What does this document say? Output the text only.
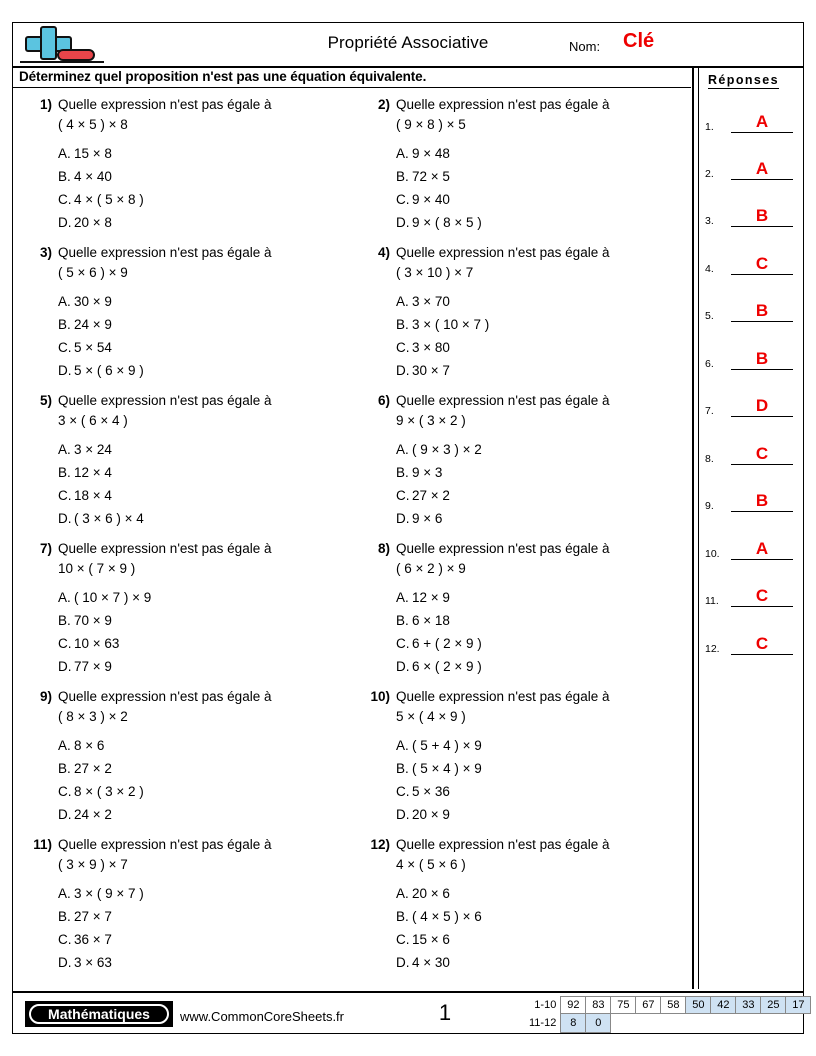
Propriété Associative	Nom: Clé
Déterminez quel proposition n'est pas une équation équivalente.	Réponses
1.	A
2.	A
3.	B
4.	C
5.	B
6.	B
7.	D
8.	C
9.	B
10.	A
11.	C
12.	C
1) Quelle expression n'est pas égale à
( 4 × 5 ) × 8
A. 15 × 8
B. 4 × 40
C. 4 × ( 5 × 8 )
D. 20 × 8
3) Quelle expression n'est pas égale à
( 5 × 6 ) × 9
A. 30 × 9
B. 24 × 9
C. 5 × 54
D. 5 × ( 6 × 9 )
5) Quelle expression n'est pas égale à
3 × ( 6 × 4 )
A. 3 × 24
B. 12 × 4
C. 18 × 4
D. ( 3 × 6 ) × 4
7) Quelle expression n'est pas égale à
10 × ( 7 × 9 )
A. ( 10 × 7 ) × 9
B. 70 × 9
C. 10 × 63
D. 77 × 9
9) Quelle expression n'est pas égale à
( 8 × 3 ) × 2
A. 8 × 6
B. 27 × 2
C. 8 × ( 3 × 2 )
D. 24 × 2
11) Quelle expression n'est pas égale à
( 3 × 9 ) × 7
A. 3 × ( 9 × 7 )
B. 27 × 7
C. 36 × 7
D. 3 × 63
2) Quelle expression n'est pas égale à
( 9 × 8 ) × 5
A. 9 × 48
B. 72 × 5
C. 9 × 40
D. 9 × ( 8 × 5 )
4) Quelle expression n'est pas égale à
( 3 × 10 ) × 7
A. 3 × 70
B. 3 × ( 10 × 7 )
C. 3 × 80
D. 30 × 7
6) Quelle expression n'est pas égale à
9 × ( 3 × 2 )
A. ( 9 × 3 ) × 2
B. 9 × 3
C. 27 × 2
D. 9 × 6
8) Quelle expression n'est pas égale à
( 6 × 2 ) × 9
A. 12 × 9
B. 6 × 18
C. 6 + ( 2 × 9 )
D. 6 × ( 2 × 9 )
10) Quelle expression n'est pas égale à
5 × ( 4 × 9 )
A. ( 5 + 4 ) × 9
B. ( 5 × 4 ) × 9
C. 5 × 36
D. 20 × 9
12) Quelle expression n'est pas égale à
4 × ( 5 × 6 )
A. 20 × 6
B. ( 4 × 5 ) × 6
C. 15 × 6
D. 4 × 30
Mathématiques	www.CommonCoreSheets.fr	1	1-10	92	83	75	67	58	50	42	33	25	17
11-12	8	0								
